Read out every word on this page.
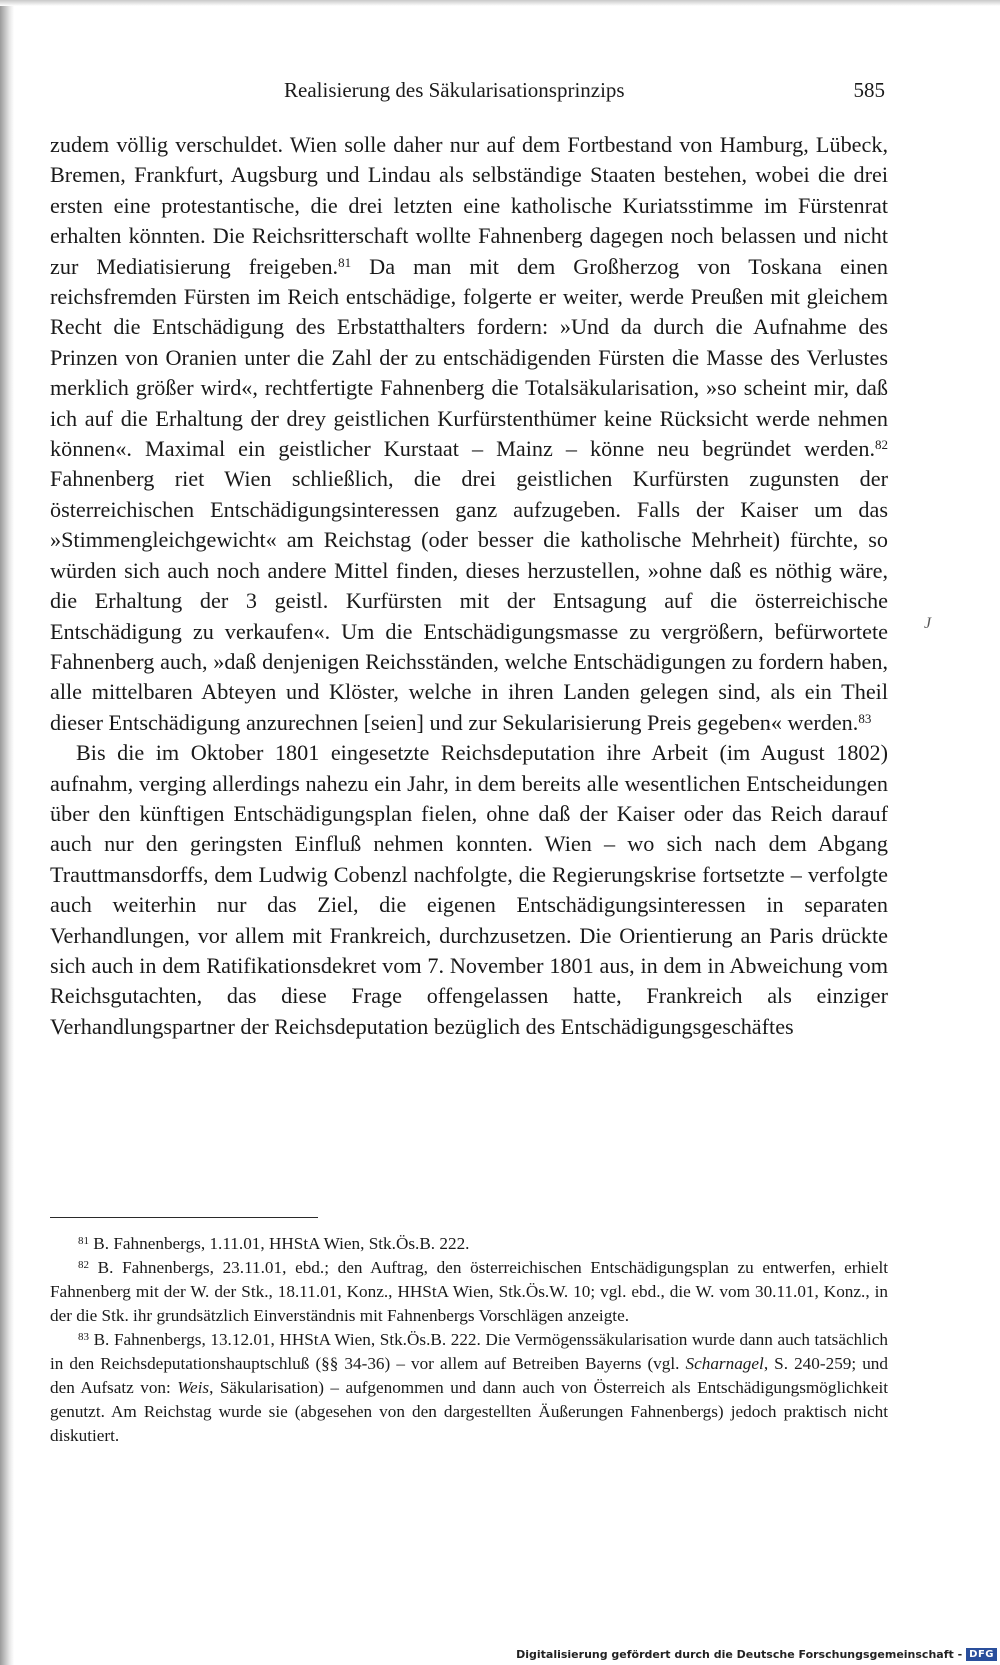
Realisierung des Säkularisationsprinzips	585

zudem völlig verschuldet. Wien solle daher nur auf dem Fortbestand von Hamburg, Lübeck, Bremen, Frankfurt, Augsburg und Lindau als selbständige Staaten bestehen, wobei die drei ersten eine protestantische, die drei letzten eine katholische Kuriatsstimme im Fürstenrat erhalten könnten. Die Reichsritterschaft wollte Fahnenberg dagegen noch belassen und nicht zur Mediatisierung freigeben.$^{81}$ Da man mit dem Großherzog von Toskana einen reichsfremden Fürsten im Reich entschädige, folgerte er weiter, werde Preußen mit gleichem Recht die Entschädigung des Erbstatthalters fordern: »Und da durch die Aufnahme des Prinzen von Oranien unter die Zahl der zu entschädigenden Fürsten die Masse des Verlustes merklich größer wird«, rechtfertigte Fahnenberg die Totalsäkularisation, »so scheint mir, daß ich auf die Erhaltung der drey geistlichen Kurfürstenthümer keine Rücksicht werde nehmen können«. Maximal ein geistlicher Kurstaat – Mainz – könne neu begründet werden.$^{82}$ Fahnenberg riet Wien schließlich, die drei geistlichen Kurfürsten zugunsten der österreichischen Entschädigungsinteressen ganz aufzugeben. Falls der Kaiser um das »Stimmengleichgewicht« am Reichstag (oder besser die katholische Mehrheit) fürchte, so würden sich auch noch andere Mittel finden, dieses herzustellen, »ohne daß es nöthig wäre, die Erhaltung der 3 geistl. Kurfürsten mit der Entsagung auf die österreichische Entschädigung zu verkaufen«. Um die Entschädigungsmasse zu vergrößern, befürwortete Fahnenberg auch, »daß denjenigen Reichsständen, welche Entschädigungen zu fordern haben, alle mittelbaren Abteyen und Klöster, welche in ihren Landen gelegen sind, als ein Theil dieser Entschädigung anzurechnen [seien] und zur Sekularisierung Preis gegeben« werden.$^{83}$

Bis die im Oktober 1801 eingesetzte Reichsdeputation ihre Arbeit (im August 1802) aufnahm, verging allerdings nahezu ein Jahr, in dem bereits alle wesentlichen Entscheidungen über den künftigen Entschädigungsplan fielen, ohne daß der Kaiser oder das Reich darauf auch nur den geringsten Einfluß nehmen konnten. Wien – wo sich nach dem Abgang Trauttmansdorffs, dem Ludwig Cobenzl nachfolgte, die Regierungskrise fortsetzte – verfolgte auch weiterhin nur das Ziel, die eigenen Entschädigungsinteressen in separaten Verhandlungen, vor allem mit Frankreich, durchzusetzen. Die Orientierung an Paris drückte sich auch in dem Ratifikationsdekret vom 7. November 1801 aus, in dem in Abweichung vom Reichsgutachten, das diese Frage offengelassen hatte, Frankreich als einziger Verhandlungspartner der Reichsdeputation bezüglich des Entschädigungsgeschäftes

J

$^{81}$ B. Fahnenbergs, 1.11.01, HHStA Wien, Stk.Ös.B. 222.

$^{82}$ B. Fahnenbergs, 23.11.01, ebd.; den Auftrag, den österreichischen Entschädigungsplan zu entwerfen, erhielt Fahnenberg mit der W. der Stk., 18.11.01, Konz., HHStA Wien, Stk.Ös.W. 10; vgl. ebd., die W. vom 30.11.01, Konz., in der die Stk. ihr grundsätzlich Einverständnis mit Fahnenbergs Vorschlägen anzeigte.

$^{83}$ B. Fahnenbergs, 13.12.01, HHStA Wien, Stk.Ös.B. 222. Die Vermögenssäkularisation wurde dann auch tatsächlich in den Reichsdeputationshauptschluß (§§ 34-36) – vor allem auf Betreiben Bayerns (vgl. Scharnagel, S. 240-259; und den Aufsatz von: Weis, Säkularisation) – aufgenommen und dann auch von Österreich als Entschädigungsmöglichkeit genutzt. Am Reichstag wurde sie (abgesehen von den dargestellten Äußerungen Fahnenbergs) jedoch praktisch nicht diskutiert.

Digitalisierung gefördert durch die Deutsche Forschungsgemeinschaft - DFG
